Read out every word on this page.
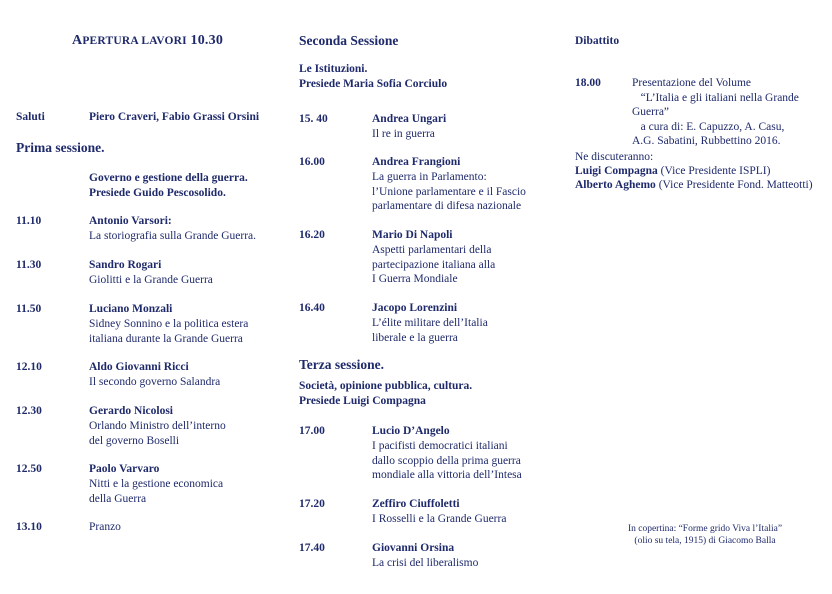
APERTURA LAVORI 10.30
Saluti	Piero Craveri, Fabio Grassi Orsini
Prima sessione.
Governo e gestione della guerra.
Presiede Guido Pescosolido.
11.10	Antonio Varsori:
La storiografia sulla Grande Guerra.
11.30	Sandro Rogari
Giolitti e la Grande Guerra
11.50	Luciano Monzali
Sidney Sonnino e la politica estera
italiana durante la Grande Guerra
12.10	Aldo Giovanni Ricci
Il secondo governo Salandra
12.30	Gerardo Nicolosi
Orlando Ministro dell’interno
del governo Boselli
12.50	Paolo Varvaro
Nitti e la gestione economica
della Guerra
13.10	Pranzo
Seconda Sessione
Le Istituzioni.
Presiede Maria Sofia Corciulo
15. 40	Andrea Ungari
Il re in guerra
16.00	Andrea Frangioni
La guerra in Parlamento:
l’Unione parlamentare e il Fascio
parlamentare di difesa nazionale
16.20	Mario Di Napoli
Aspetti parlamentari della
partecipazione italiana alla
I Guerra Mondiale
16.40	Jacopo Lorenzini
L’élite militare dell’Italia
liberale e la guerra
Terza sessione.
Società, opinione pubblica, cultura.
Presiede Luigi Compagna
17.00	Lucio D’Angelo
I pacifisti democratici italiani
dallo scoppio della prima guerra
mondiale alla vittoria dell’Intesa
17.20	Zeffiro Ciuffoletti
I Rosselli e la Grande Guerra
17.40	Giovanni Orsina
La crisi del liberalismo
Dibattito
18.00	Presentazione del Volume
“L’Italia e gli italiani nella Grande Guerra”
a cura di: E. Capuzzo, A. Casu,
A.G. Sabatini, Rubbettino 2016.
Ne discuteranno:
Luigi Compagna (Vice Presidente ISPLI)
Alberto Aghemo (Vice Presidente Fond. Matteotti)
In copertina: “Forme grido Viva l’Italia”
(olio su tela, 1915) di Giacomo Balla
